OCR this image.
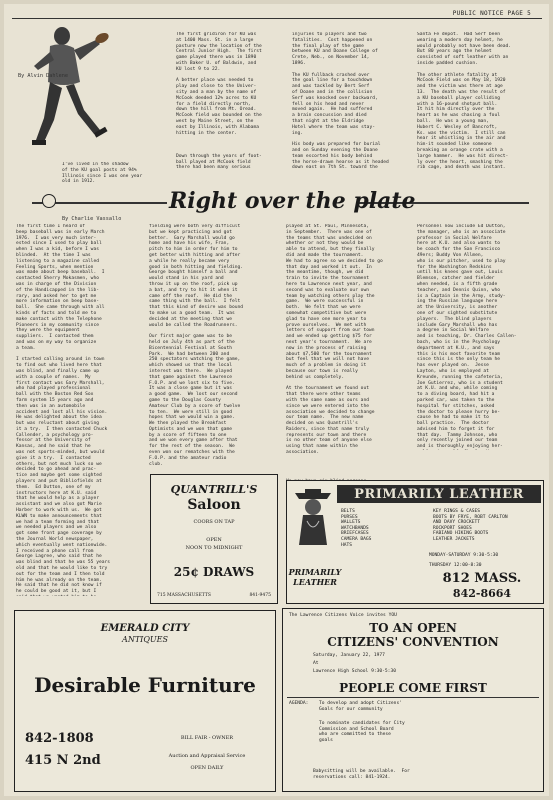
PUBLIC NOTICE PAGE 5
By Alvin Dahlene
I've lived in the shadow
of the KU goal posts at 94%
Illinois since I was one year
old in 1912.
The first gridiron for KU was
at 1400 Mass. St. in a large
pasture now the location of the
Central Junior High.  The first
game played there was in 1890
with Baker U. of Baldwin, and
KU lost 9 to 22.

A better place was needed to
play and close to the Univer-
sity and a man by the name of
McCook deeded 12% acres to KU
for a field directly north,
down the hill from Mt. Oread.
McCook field was bounded on the
west by Maine Street, on the
east by Illinois, with Alabama
hitting in the center.

Down through the years of foot-
ball played at McCook field
there had been many serious
injuries to players and two
fatalities.  Cost happened on
the final play of the game
between KU and Doane College of
Crete, Neb., on November 14,
1896.

The KU fullback crashed over
the goal line for a touchdown
and was tackled by Bert Serf
of Doane and in the collision
Serf was knocked over backward,
fell on his head and never
moved again.  He had suffered
a brain concussion and died
that night at the Eldridge
Hotel where the team was stay-
ing.

His body was prepared for burial
and on Sunday evening the Doane
team escorted his body behind
the horse-drawn hearse as it headed
down east on 7th St. toward the
Santa Fe depot.  Had Serf been
wearing a modern day helmet, he
would probably not have been dead.
But 80 years ago the helmet
consisted of soft leather with an
inside padded cushion.

The other athlete fatality at
McCook Field was on May 18, 1920
and the victim was there at age
13.  The death was the result of
a KU baseball player colliding
with a 16-pound shotput ball.
It hit him directly over the
heart as he was chasing a foul
ball.  He was a young man,
Hubert C. Wesley of Bancroft,
Ks. was the victim.  I still can
hear it whistling in the air and
him-it sounded like someone
breaking an orange crate with a
large hammer.  He was hit direct-
ly over the heart, smashing the
rib cage, and death was instant.
Right over the plate
By Charlie Vassallo
The first time I heard of
beep baseball was in early March
1976.  I was very much inter-
ested since I used to play ball
when I was a kid, before I was
blinded.  At the time I was
listening to a magazine called
Feeling Sports, when mention
was made about beep baseball.  I
contacted Sherry Mokasmen, who
was in charge of the Division
of the Handicapped in the lib-
rary, and asked her to get me
more information on beep base-
ball.  She came through with all
kinds of facts and told me to
make contact with the Telephone
Pioneers in my community since
they were the equipment
suppliers.  I contacted them
and was on my way to organize
a team.

I started calling around in town
to find out who lived here that
was blind, and finally came up
with a couple of names.  My
first contact was Gary Marshall,
who had played professional
ball with the Boston Red Sox
farm system 15 years ago and
then was in an automobile
accident and lost all his vision.
He was delighted about the idea
but was reluctant about giving
it a try.  I then contacted Chuck
Callender, a psychology pro-
fessor at the University of
Kansas, and he said that he
was not sports-minded, but would
give it a try.  I contacted
others, but not much luck so we
decided to go ahead and prac-
tice and maybe get some sighted
players and put Bibliofields at
them.  Ed Dutton, one of my
instructors here at K.U. said
that he would help as a player
assistant and we also got Marie
Harber to work with us.  We got
KLWN to make announcements that
we had a team forming and that
we needed players and we also
got some front page coverage by
the Journal World newspaper,
which eventually went nationwide.
I received a phone call from
George Lagree, who said that he
was blind and that he was 55 years
old and that he would like to try
out for the team and I then told
him he was already on the team.
He said that he did not know if
he could be good at it, but I

fielding were both very difficult
but we kept practicing and got
better.  Gary Marshall would go
home and have his wife, Fran,
pitch to him in order for him to
get better with hitting and after
a while he really became very
good in both hitting and fielding.
George bought himself a ball and
would stand in his yard and
throw it up on the roof, pick up
a bat, and try to hit it when it
came off the roof.  He did the
same thing with the ball.  I felt
that this kind of desire was bound
to make us a good team.  It was
decided at the meeting that we
would be called the Roadrunners.

Our first major game was to be
held on July 4th as part of the
Bicentennial Festival at South
Park.  We had between 200 and
250 spectators watching the game,
which showed us that the local
interest was there.  We played
that game against the Lawrence
F.O.P. and we lost six to five.
It was a close game but it was
a good game.  We lost our second
game to the Douglas County
Amateur Club by a score of twelve
to ten.  We were still in good
hopes that we would win a game.
We then played the Breakfast
Optimists and we won that game
by a score of fifteen to one
and we won every game after that
for the rest of the season.  We
even won our rematches with the
F.O.P. and the amateur radio
club.

played at St. Paul, Minnesota,
in September.  There was one of
the teams that was undecided on
whether or not they would be
able to attend, but they finally
did and made the tournament.
We had to agree so we decided to go
that day and worked it out.  In
the meantime, though, we did
train to invite the tournament
here to Lawrence next year, and
second was to evaluate our own
team by watching others play the
game.  We were successful in
both.  We felt that we were
somewhat competitive but were
glad to have one more year to
prove ourselves.  We met with
letters of support from our town
and we ended up getting $75 for
next year's tournament.  We are
now in the process of raising
about $7,500 for the tournament
but feel that we will not have
much of a problem in doing it
because our town is really
behind us completely.

At the tournament we found out
that there were other teams
with the same name as ours and
since we were entered into the
association we decided to change
our team name.  The new name
decided on was Quantrill's
Raiders, since that name truly
represents our town and there
is no other team of anyone else
using that name within the
association.

Personnel now include Ed Dutton,
the manager, who is an associate
professor in Social Welfare
here at K.U. and also wants to
be coach for the San Francisco
49ers; Buddy Von Allmen,
who is our pitcher, used to play
for the Washington Redskins
until his knees gave out, Louis
Blemson, catcher and fielder
when needed, is a fifth grade
teacher, and Dennis Quinn, who
is a Captain in the Army, study-
ing the Russian language here
at the University, is another
one of our sighted substitute
players.  The blind players
include Gary Marshall who has
a degree in Social Welfare
and is teaching, Dr. Charles Callen-
bach, who is in the Psychology
department at K.U., and says
this is his most favorite team
since this is the only team he
has ever played on.  Jesse
Layton, who is employed at
Kreunde, running the cafeteria,
Joe Gutierrez, who is a student
at K.U. and who, while coming
to a diving board, had hit a
parked car, was taken to the
hospital for stitches, asked
the doctor to please hurry be-
cause he had to make it to
ball practice.  The doctor
advised him to forget it for
that day.  Tammy Johnson, who
only recently joined our team
and is thoroughly enjoying her-

QUANTRILL'S
Saloon
COORS ON TAP
OPEN
NOON TO MIDNIGHT
25¢ DRAWS
715 MASSACHUSETTS	841-9475
PRIMARILY LEATHER
BELTS
PURSES
WALLETS
WATCHBANDS
BRIEFCASES
CAMERA BAGS
HATS
KEY RINGS & CASES
BOOTS BY FRYE, ROBT CARLTON
AND DAVY CROCKETT
ROCKPORT SHOES
FABIANO HIKING BOOTS
LEATHER JACKETS
PRIMARILY
LEATHER
MONDAY-SATURDAY 9:30-5:30
THURSDAY 12:00-8:30
812 MASS.
842-8664
EMERALD CITY
ANTIQUES
Desirable Furniture
842-1808
415 N 2nd
BILL FAIR - OWNER
Auction and Appraisal Service
OPEN DAILY
The Lawrence Citizens Voice invites YOU
TO AN OPEN
CITIZENS' CONVENTION
Saturday, January 22, 1977
At
Lawrence High School 9:30-5:30
PEOPLE COME FIRST
AGENDA: To develop and adopt Citizens'
Goals for our community
To nominate candidates for City
Commission and School Board
who are committed to these
goals
Babysitting will be available.  For
reservations call: 841-1924.
